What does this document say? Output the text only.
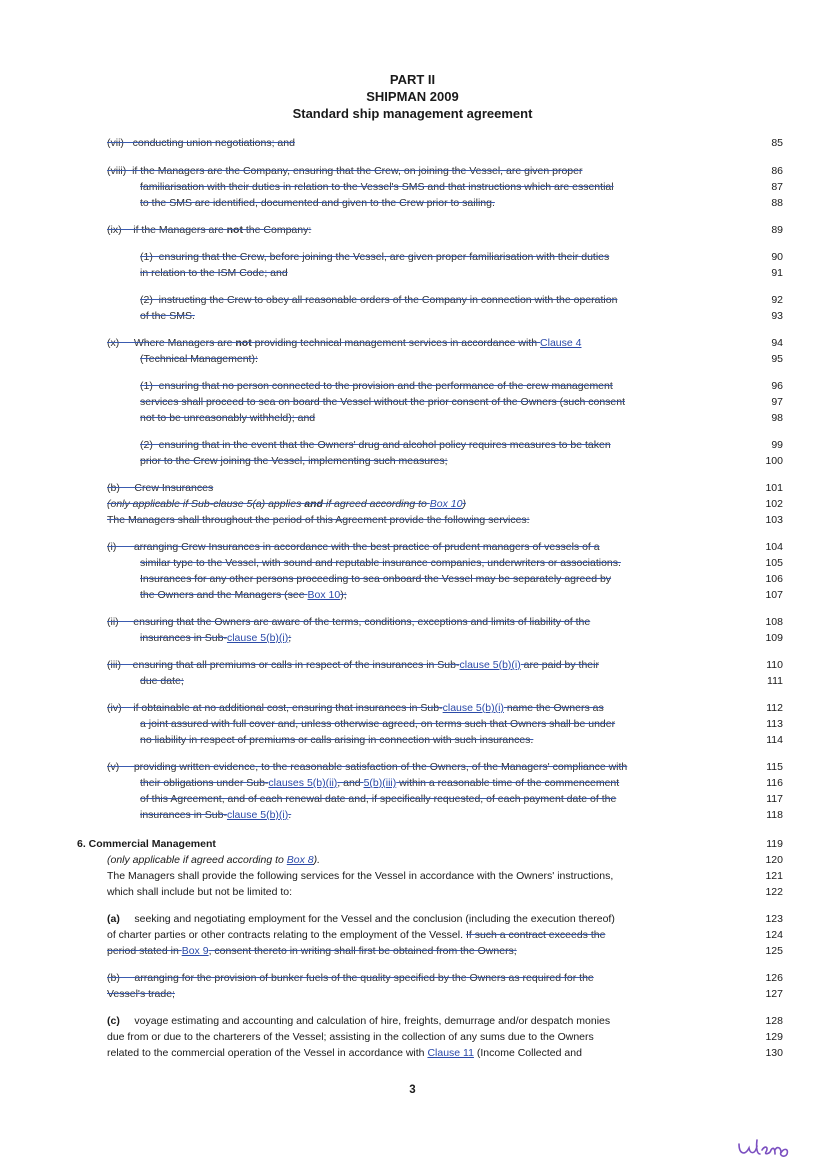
PART II
SHIPMAN 2009
Standard ship management agreement
(vii)   conducting union negotiations; and	85
(viii)  if the Managers are the Company, ensuring that the Crew, on joining the Vessel, are given proper	86
familiarisation with their duties in relation to the Vessel's SMS and that instructions which are essential	87
to the SMS are identified, documented and given to the Crew prior to sailing.	88
(ix)    if the Managers are not the Company:	89
(1)  ensuring that the Crew, before joining the Vessel, are given proper familiarisation with their duties	90
in relation to the ISM Code; and	91
(2)  instructing the Crew to obey all reasonable orders of the Company in connection with the operation	92
of the SMS.	93
(x)     Where Managers are not providing technical management services in accordance with Clause 4	94
(Technical Management):	95
(1)  ensuring that no person connected to the provision and the performance of the crew management	96
services shall proceed to sea on board the Vessel without the prior consent of the Owners (such consent	97
not to be unreasonably withheld); and	98
(2)  ensuring that in the event that the Owners' drug and alcohol policy requires measures to be taken	99
prior to the Crew joining the Vessel, implementing such measures;	100
(b)     Crew Insurances	101
(only applicable if Sub-clause 5(a) applies and if agreed according to Box 10)	102
The Managers shall throughout the period of this Agreement provide the following services:	103
(i)      arranging Crew Insurances in accordance with the best practice of prudent managers of vessels of a	104
similar type to the Vessel, with sound and reputable insurance companies, underwriters or associations.	105
Insurances for any other persons proceeding to sea onboard the Vessel may be separately agreed by	106
the Owners and the Managers (see Box 10);	107
(ii)     ensuring that the Owners are aware of the terms, conditions, exceptions and limits of liability of the	108
insurances in Sub-clause 5(b)(i);	109
(iii)    ensuring that all premiums or calls in respect of the insurances in Sub-clause 5(b)(i) are paid by their	110
due date;	111
(iv)    if obtainable at no additional cost, ensuring that insurances in Sub-clause 5(b)(i) name the Owners as	112
a joint assured with full cover and, unless otherwise agreed, on terms such that Owners shall be under	113
no liability in respect of premiums or calls arising in connection with such insurances.	114
(v)     providing written evidence, to the reasonable satisfaction of the Owners, of the Managers' compliance with	115
their obligations under Sub-clauses 5(b)(ii), and 5(b)(iii) within a reasonable time of the commencement	116
of this Agreement, and of each renewal date and, if specifically requested, of each payment date of the	117
insurances in Sub-clause 5(b)(i).	118
6. Commercial Management	119
(only applicable if agreed according to Box 8).	120
The Managers shall provide the following services for the Vessel in accordance with the Owners' instructions,	121
which shall include but not be limited to:	122
(a)     seeking and negotiating employment for the Vessel and the conclusion (including the execution thereof)	123
of charter parties or other contracts relating to the employment of the Vessel. If such a contract exceeds the	124
period stated in Box 9, consent thereto in writing shall first be obtained from the Owners;	125
(b)     arranging for the provision of bunker fuels of the quality specified by the Owners as required for the	126
Vessel's trade;	127
(c)     voyage estimating and accounting and calculation of hire, freights, demurrage and/or despatch monies	128
due from or due to the charterers of the Vessel; assisting in the collection of any sums due to the Owners	129
related to the commercial operation of the Vessel in accordance with Clause 11 (Income Collected and	130
3
